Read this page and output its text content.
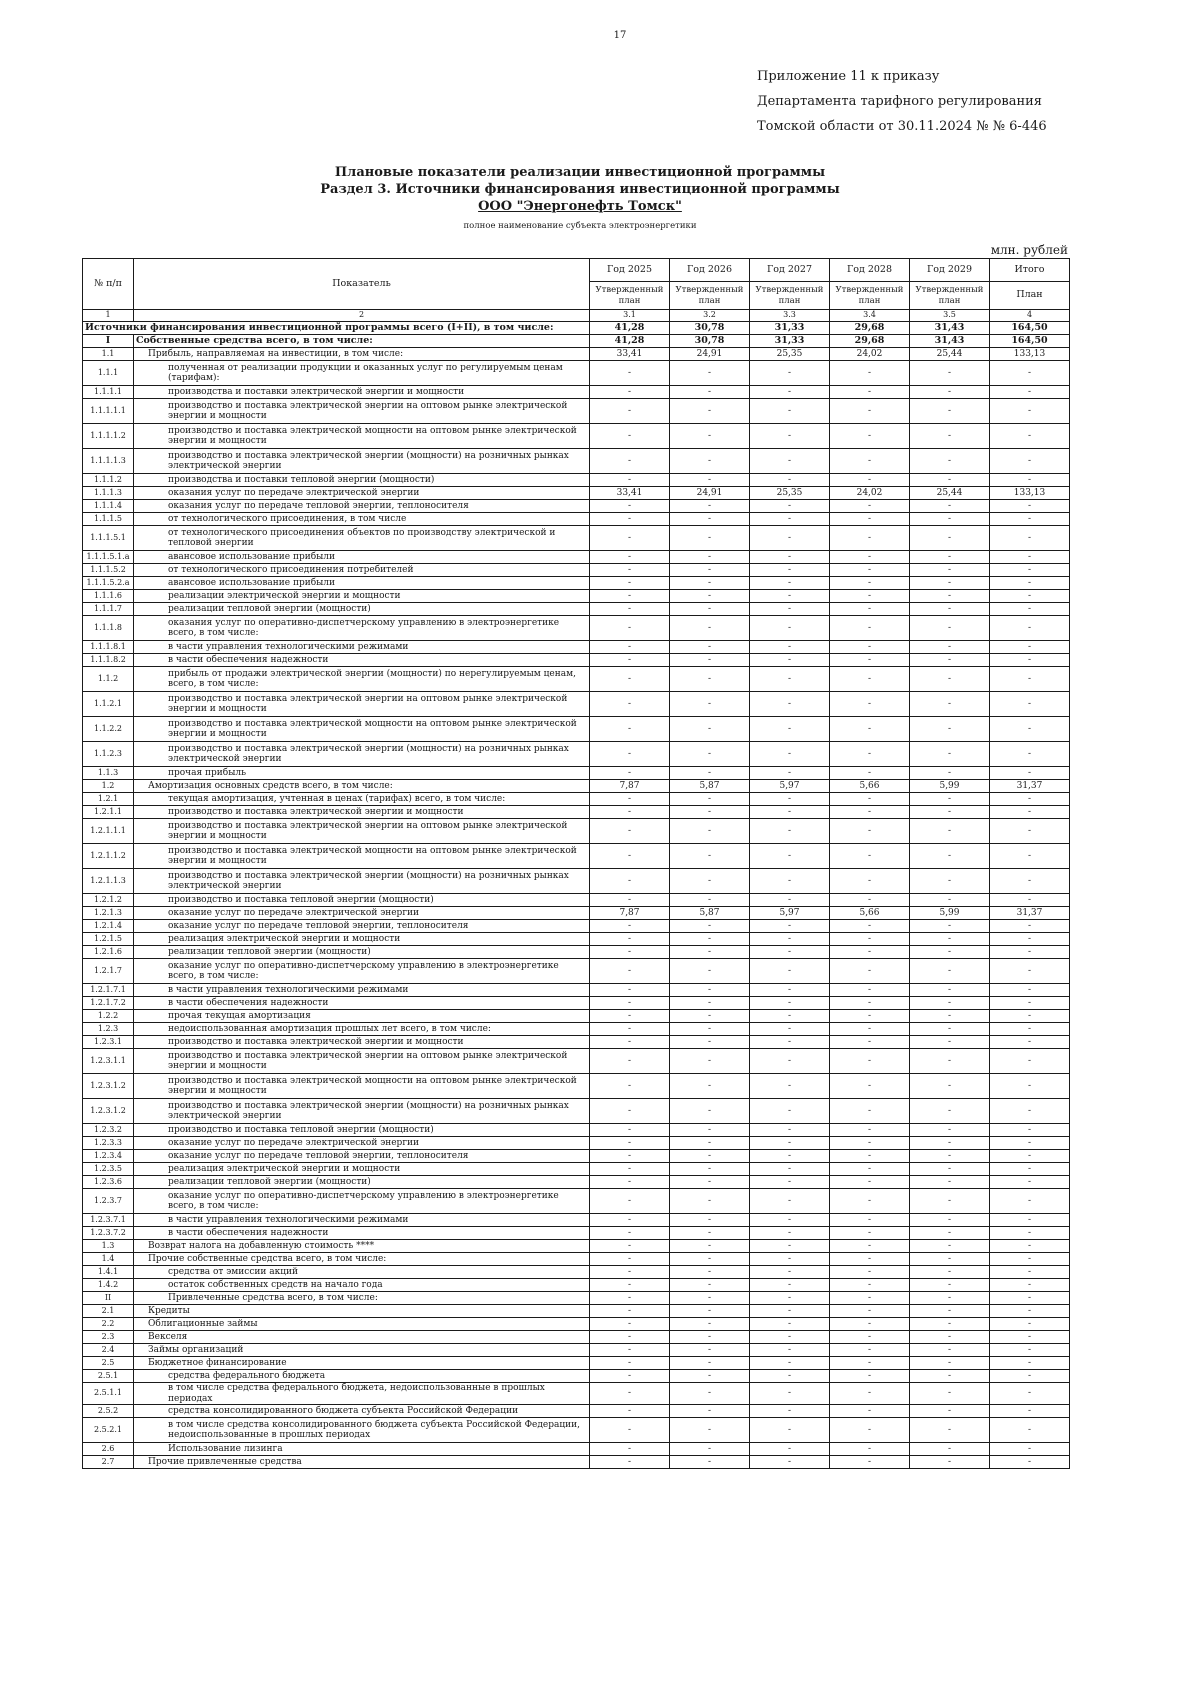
17
Приложение 11 к приказу
Департамента тарифного регулирования
Томской области от 30.11.2024 № № 6-446
Плановые показатели реализации инвестиционной программы
Раздел 3. Источники финансирования инвестиционной программы
ООО "Энергонефть Томск"
полное наименование субъекта электроэнергетики
млн. рублей
№ п/п	Показатель	Год 2025	Год 2026	Год 2027	Год 2028	Год 2029	Итого
		Утвержденный план	Утвержденный план	Утвержденный план	Утвержденный план	Утвержденный план	План
1	2	3.1	3.2	3.3	3.4	3.5	4
Источники финансирования инвестиционной программы всего (I+II), в том числе:		41,28	30,78	31,33	29,68	31,43	164,50
I	Собственные средства всего, в том числе:	41,28	30,78	31,33	29,68	31,43	164,50
1.1	Прибыль, направляемая на инвестиции, в том числе:	33,41	24,91	25,35	24,02	25,44	133,13
1.1.1	полученная от реализации продукции и оказанных услуг по регулируемым ценам (тарифам):	-	-	-	-	-	-
1.1.1.1	производства и поставки электрической энергии и мощности	-	-	-	-	-	-
1.1.1.1.1	производство и поставка электрической энергии на оптовом рынке электрической энергии и мощности	-	-	-	-	-	-
1.1.1.1.2	производство и поставка электрической мощности на оптовом рынке электрической энергии и мощности	-	-	-	-	-	-
1.1.1.1.3	производство и поставка электрической энергии (мощности) на розничных рынках электрической энергии	-	-	-	-	-	-
1.1.1.2	производства и поставки тепловой энергии (мощности)	-	-	-	-	-	-
1.1.1.3	оказания услуг по передаче электрической энергии	33,41	24,91	25,35	24,02	25,44	133,13
1.1.1.4	оказания услуг по передаче тепловой энергии, теплоносителя	-	-	-	-	-	-
1.1.1.5	от технологического присоединения, в том числе	-	-	-	-	-	-
1.1.1.5.1	от технологического присоединения объектов по производству электрической и тепловой энергии	-	-	-	-	-	-
1.1.1.5.1.a	авансовое использование прибыли	-	-	-	-	-	-
1.1.1.5.2	от технологического присоединения потребителей	-	-	-	-	-	-
1.1.1.5.2.a	авансовое использование прибыли	-	-	-	-	-	-
1.1.1.6	реализации электрической энергии и мощности	-	-	-	-	-	-
1.1.1.7	реализации тепловой энергии (мощности)	-	-	-	-	-	-
1.1.1.8	оказания услуг по оперативно-диспетчерскому управлению в электроэнергетике всего, в том числе:	-	-	-	-	-	-
1.1.1.8.1	в части управления технологическими режимами	-	-	-	-	-	-
1.1.1.8.2	в части обеспечения надежности	-	-	-	-	-	-
1.1.2	прибыль от продажи электрической энергии (мощности) по нерегулируемым ценам, всего, в том числе:	-	-	-	-	-	-
1.1.2.1	производство и поставка электрической энергии на оптовом рынке электрической энергии и мощности	-	-	-	-	-	-
1.1.2.2	производство и поставка электрической мощности на оптовом рынке электрической энергии и мощности	-	-	-	-	-	-
1.1.2.3	производство и поставка электрической энергии (мощности) на розничных рынках электрической энергии	-	-	-	-	-	-
1.1.3	прочая прибыль	-	-	-	-	-	-
1.2	Амортизация основных средств всего, в том числе:	7,87	5,87	5,97	5,66	5,99	31,37
1.2.1	текущая амортизация, учтенная в ценах (тарифах) всего, в том числе:	-	-	-	-	-	-
1.2.1.1	производство и поставка электрической энергии и мощности	-	-	-	-	-	-
1.2.1.1.1	производство и поставка электрической энергии на оптовом рынке электрической энергии и мощности	-	-	-	-	-	-
1.2.1.1.2	производство и поставка электрической мощности на оптовом рынке электрической энергии и мощности	-	-	-	-	-	-
1.2.1.1.3	производство и поставка электрической энергии (мощности) на розничных рынках электрической энергии	-	-	-	-	-	-
1.2.1.2	производство и поставка тепловой энергии (мощности)	-	-	-	-	-	-
1.2.1.3	оказание услуг по передаче электрической энергии	7,87	5,87	5,97	5,66	5,99	31,37
1.2.1.4	оказание услуг по передаче тепловой энергии, теплоносителя	-	-	-	-	-	-
1.2.1.5	реализация электрической энергии и мощности	-	-	-	-	-	-
1.2.1.6	реализации тепловой энергии (мощности)	-	-	-	-	-	-
1.2.1.7	оказание услуг по оперативно-диспетчерскому управлению в электроэнергетике всего, в том числе:	-	-	-	-	-	-
1.2.1.7.1	в части управления технологическими режимами	-	-	-	-	-	-
1.2.1.7.2	в части обеспечения надежности	-	-	-	-	-	-
1.2.2	прочая текущая амортизация	-	-	-	-	-	-
1.2.3	недоиспользованная амортизация прошлых лет всего, в том числе:	-	-	-	-	-	-
1.2.3.1	производство и поставка электрической энергии и мощности	-	-	-	-	-	-
1.2.3.1.1	производство и поставка электрической энергии на оптовом рынке электрической энергии и мощности	-	-	-	-	-	-
1.2.3.1.2	производство и поставка электрической мощности на оптовом рынке электрической энергии и мощности	-	-	-	-	-	-
1.2.3.1.2	производство и поставка электрической энергии (мощности) на розничных рынках электрической энергии	-	-	-	-	-	-
1.2.3.2	производство и поставка тепловой энергии (мощности)	-	-	-	-	-	-
1.2.3.3	оказание услуг по передаче электрической энергии	-	-	-	-	-	-
1.2.3.4	оказание услуг по передаче тепловой энергии, теплоносителя	-	-	-	-	-	-
1.2.3.5	реализация электрической энергии и мощности	-	-	-	-	-	-
1.2.3.6	реализации тепловой энергии (мощности)	-	-	-	-	-	-
1.2.3.7	оказание услуг по оперативно-диспетчерскому управлению в электроэнергетике всего, в том числе:	-	-	-	-	-	-
1.2.3.7.1	в части управления технологическими режимами	-	-	-	-	-	-
1.2.3.7.2	в части обеспечения надежности	-	-	-	-	-	-
1.3	Возврат налога на добавленную стоимость ****	-	-	-	-	-	-
1.4	Прочие собственные средства всего, в том числе:	-	-	-	-	-	-
1.4.1	средства от эмиссии акций	-	-	-	-	-	-
1.4.2	остаток собственных средств на начало года	-	-	-	-	-	-
II	Привлеченные средства всего, в том числе:	-	-	-	-	-	-
2.1	Кредиты	-	-	-	-	-	-
2.2	Облигационные займы	-	-	-	-	-	-
2.3	Векселя	-	-	-	-	-	-
2.4	Займы организаций	-	-	-	-	-	-
2.5	Бюджетное финансирование	-	-	-	-	-	-
2.5.1	средства федерального бюджета	-	-	-	-	-	-
2.5.1.1	в том числе средства федерального бюджета, недоиспользованные в прошлых периодах	-	-	-	-	-	-
2.5.2	средства консолидированного бюджета субъекта Российской Федерации	-	-	-	-	-	-
2.5.2.1	в том числе средства консолидированного бюджета субъекта Российской Федерации, недоиспользованные в прошлых периодах	-	-	-	-	-	-
2.6	Использование лизинга	-	-	-	-	-	-
2.7	Прочие привлеченные средства	-	-	-	-	-	-
